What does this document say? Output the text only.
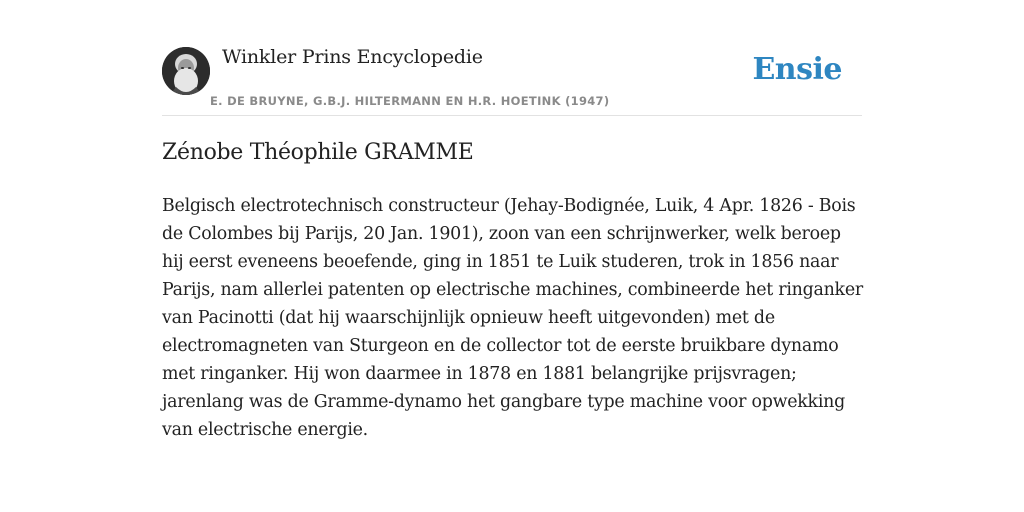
Winkler Prins Encyclopedie
E. DE BRUYNE, G.B.J. HILTERMANN EN H.R. HOETINK (1947)
Ensie
Zénobe Théophile GRAMME

Belgisch electrotechnisch constructeur (Jehay-Bodignée, Luik, 4 Apr. 1826 - Bois de Colombes bij Parijs, 20 Jan. 1901), zoon van een schrijnwerker, welk beroep hij eerst eveneens beoefende, ging in 1851 te Luik studeren, trok in 1856 naar Parijs, nam allerlei patenten op electrische machines, combineerde het ringanker van Pacinotti (dat hij waarschijnlijk opnieuw heeft uitgevonden) met de electromagneten van Sturgeon en de collector tot de eerste bruikbare dynamo met ringanker. Hij won daarmee in 1878 en 1881 belangrijke prijsvragen; jarenlang was de Gramme-dynamo het gangbare type machine voor opwekking van electrische energie.
